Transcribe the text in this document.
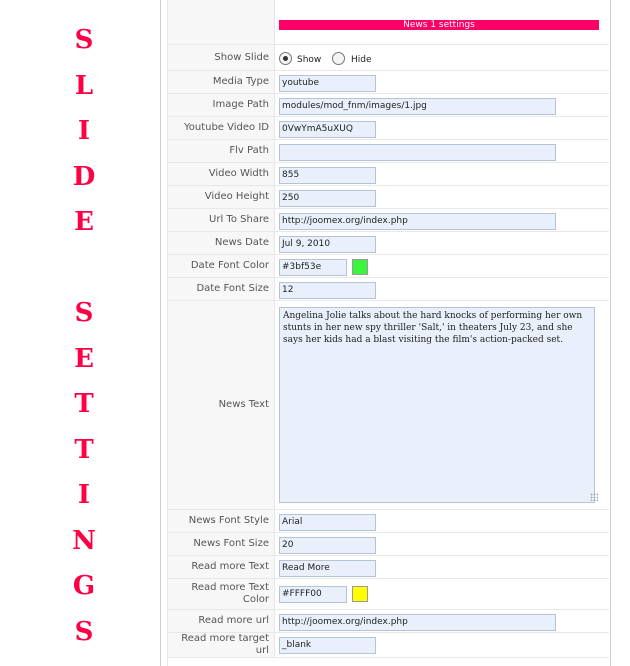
S
L
I
D
E
S
E
T
T
I
N
G
S
News 1 settings
Show Slide	Show	Hide
Media Type	youtube
Image Path	modules/mod_fnm/images/1.jpg
Youtube Video ID	0VwYmA5uXUQ
Flv Path
Video Width	855
Video Height	250
Url To Share	http://joomex.org/index.php
News Date	Jul 9, 2010
Date Font Color	#3bf53e
Date Font Size	12
News Text
Angelina Jolie talks about the hard knocks of performing her own stunts in her new spy thriller 'Salt,' in theaters July 23, and she says her kids had a blast visiting the film's action-packed set.
News Font Style	Arial
News Font Size	20
Read more Text	Read More
Read more Text Color	#FFFF00
Read more url	http://joomex.org/index.php
Read more target url	_blank
